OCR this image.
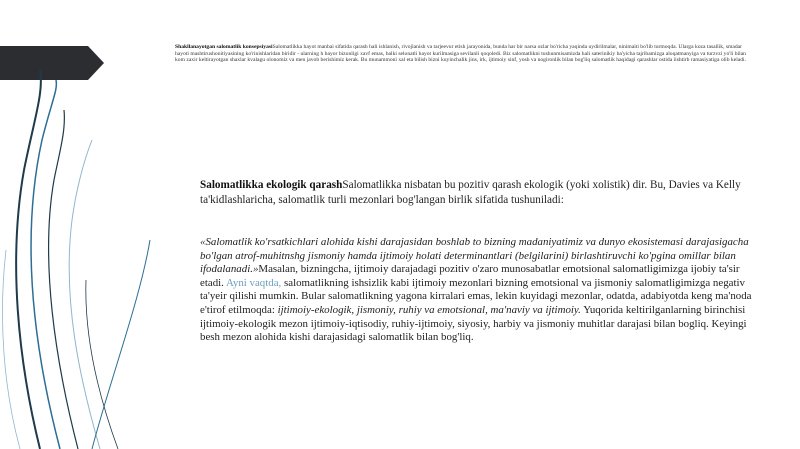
Shakllanayotgan salomatlik konsepsiyasiSalomatlikka hayot manbai sifatida qarash hali ishlanish, rivojlanish va tarjeevur etish jarayonida, bunda har bir narsa ozlar bo'richa yaqinda uydirilmalar, ninimaiti bo'lib turmoqda. Ularga koza tasallik, smadar hayoti mashtirushonitiyasining ko'rinishlaridan biridir - ularning h bayor bizonligi xavf emas, balki selonatli hayot kurilmasiga sevilanli qoqoledi. Biz salomatlikni tushunmisamizda hali saterinikiy ba'yicha tajribamizga aloqatmanyiga va turzvzi yo'li bilan kom zaxir keltirayotgan shaxlar kvalagu olonomiz va men javob berishimiz kerak. Bu munammoni xal eta bilish bizni kuyinchalik jins, irk, ijtimoiy sinf, yosh va nogironlik bilan bog'liq salomatlik haqidagi qarashlar ostida iishtirb ramasiyatiga olib keladi.
Salomatlikka ekologik qarashSalomatlikka nisbatan bu pozitiv qarash ekologik (yoki xolistik) dir. Bu, Davies va Kelly ta'kidlashlaricha, salomatlik turli mezonlari bog'langan birlik sifatida tushuniladi:
«Salomatlik ko'rsatkichlari alohida kishi darajasidan boshlab to bizning madaniyatimiz va dunyo ekosistemasi darajasigacha bo'lgan atrof-muhitnshg jismoniy hamda ijtimoiy holati determinantlari (belgilarini) birlashtiruvchi ko'pgina omillar bilan ifodalanadi.»Masalan, bizningcha, ijtimoiy darajadagi pozitiv o'zaro munosabatlar emotsional salomatligimizga ijobiy ta'sir etadi. Ayni vaqtda, salomatlikning ishsizlik kabi ijtimoiy mezonlari bizning emotsional va jismoniy salomatligimizga negativ ta'yeir qilishi mumkin. Bular salomatlikning yagona kirralari emas, lekin kuyidagi mezonlar, odatda, adabiyotda keng ma'noda e'tirof etilmoqda: ijtimoiy-ekologik, jismoniy, ruhiy va emotsional, ma'naviy va ijtimoiy. Yuqorida keltirilganlarning birinchisi ijtimoiy-ekologik mezon ijtimoiy-iqtisodiy, ruhiy-ijtimoiy, siyosiy, harbiy va jismoniy muhitlar darajasi bilan bogliq. Keyingi besh mezon alohida kishi darajasidagi salomatlik bilan bog'liq.
